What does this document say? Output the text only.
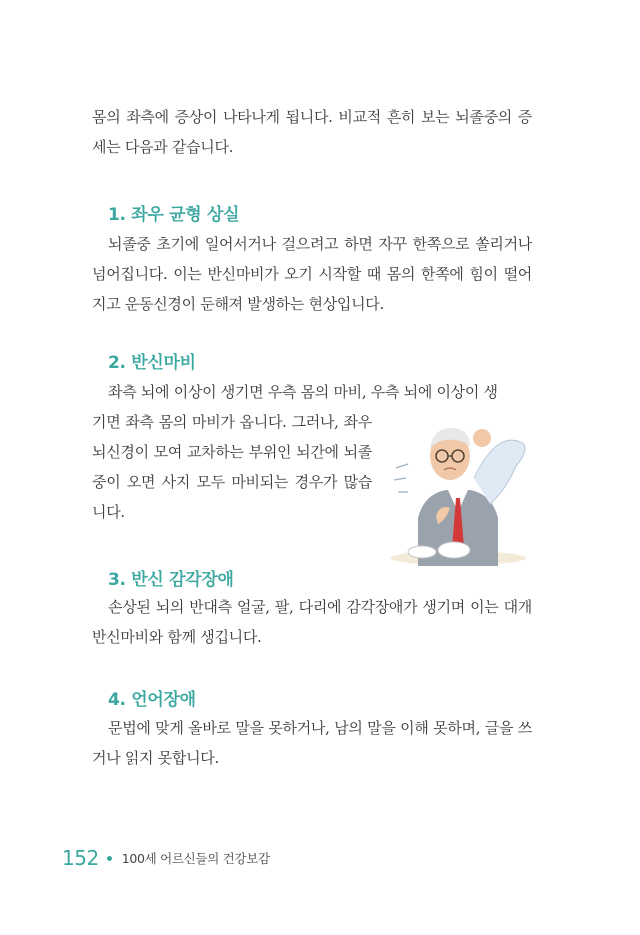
몸의 좌측에 증상이 나타나게 됩니다. 비교적 흔히 보는 뇌졸중의 증세는 다음과 같습니다.

1. 좌우 균형 상실

뇌졸중 초기에 일어서거나 걸으려고 하면 자꾸 한쪽으로 쏠리거나 넘어집니다. 이는 반신마비가 오기 시작할 때 몸의 한쪽에 힘이 떨어지고 운동신경이 둔해져 발생하는 현상입니다.

2. 반신마비

좌측 뇌에 이상이 생기면 우측 몸의 마비, 우측 뇌에 이상이 생

기면 좌측 몸의 마비가 옵니다. 그러나, 좌우 뇌신경이 모여 교차하는 부위인 뇌간에 뇌졸중이 오면 사지 모두 마비되는 경우가 많습니다.

3. 반신 감각장애

손상된 뇌의 반대측 얼굴, 팔, 다리에 감각장애가 생기며 이는 대개 반신마비와 함께 생깁니다.

4. 언어장애

문법에 맞게 올바로 말을 못하거나, 남의 말을 이해 못하며, 글을 쓰거나 읽지 못합니다.

152 100세 어르신들의 건강보감
